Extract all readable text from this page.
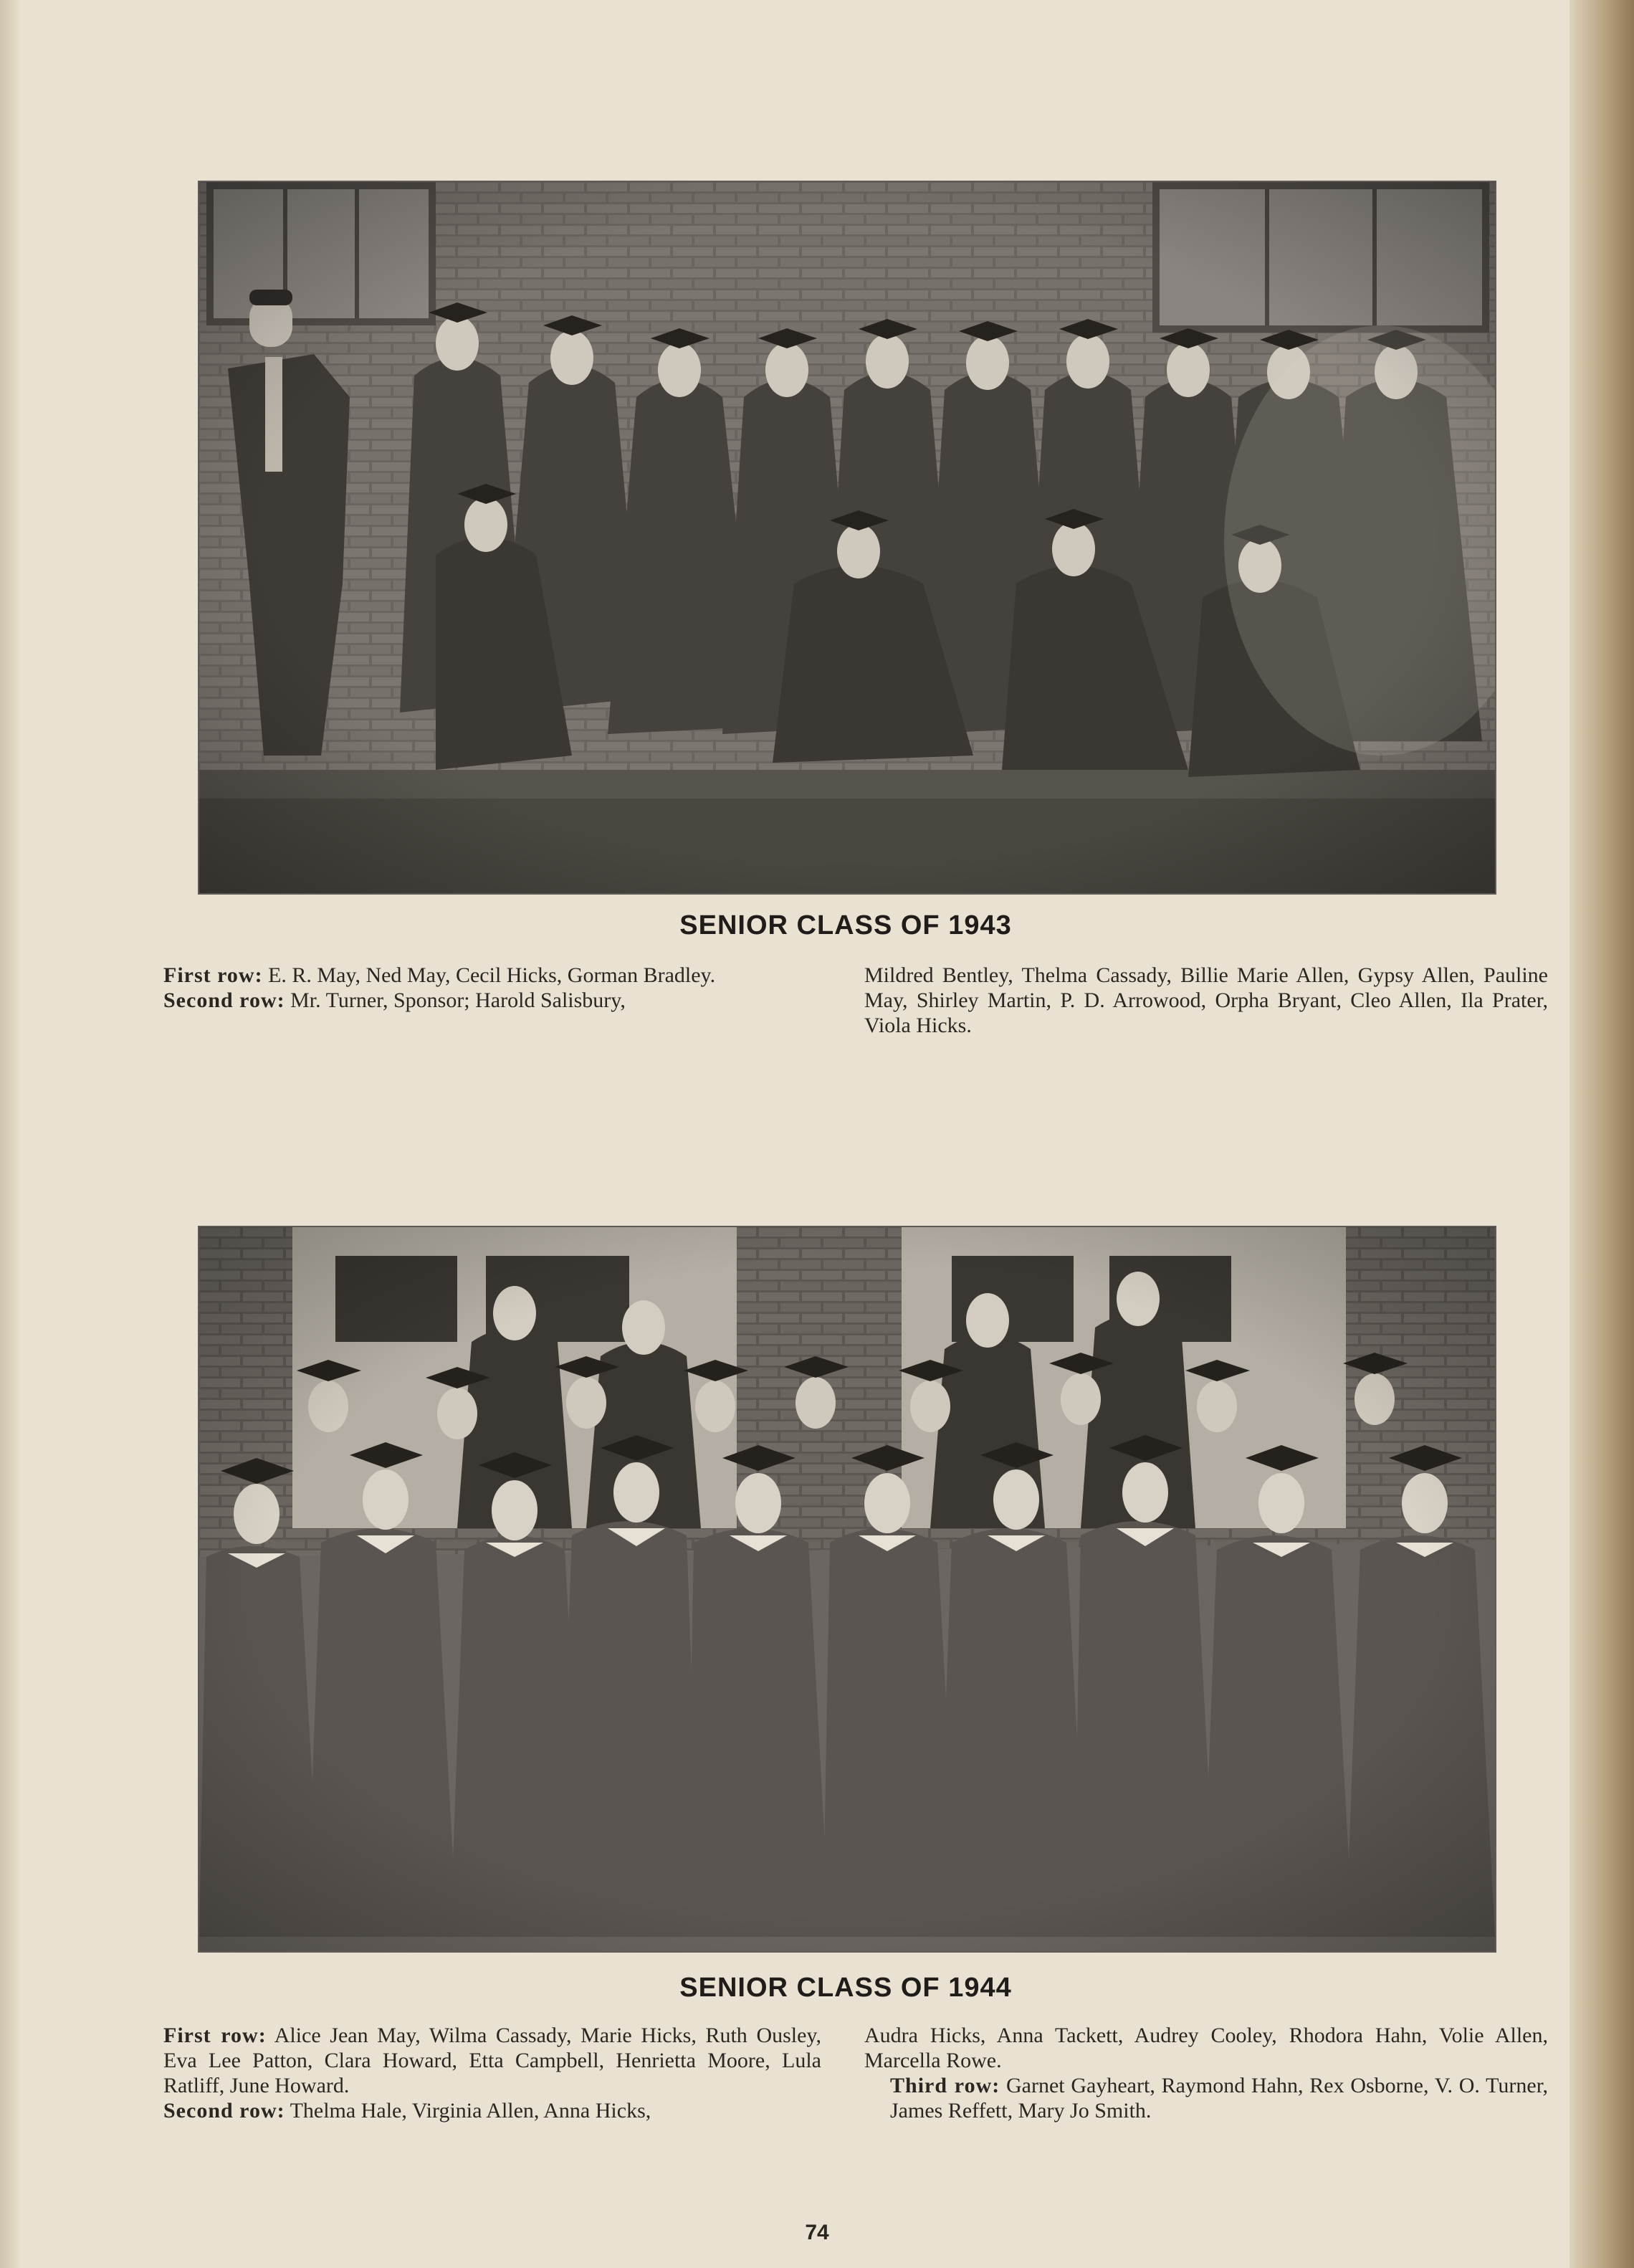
SENIOR CLASS OF 1943

First row: E. R. May, Ned May, Cecil Hicks, Gorman Bradley.

Second row: Mr. Turner, Sponsor; Harold Salisbury,

Mildred Bentley, Thelma Cassady, Billie Marie Allen, Gypsy Allen, Pauline May, Shirley Martin, P. D. Arrowood, Orpha Bryant, Cleo Allen, Ila Prater, Viola Hicks.

SENIOR CLASS OF 1944

First row: Alice Jean May, Wilma Cassady, Marie Hicks, Ruth Ousley, Eva Lee Patton, Clara Howard, Etta Campbell, Henrietta Moore, Lula Ratliff, June Howard.

Second row: Thelma Hale, Virginia Allen, Anna Hicks,

Audra Hicks, Anna Tackett, Audrey Cooley, Rhodora Hahn, Volie Allen, Marcella Rowe.

Third row: Garnet Gayheart, Raymond Hahn, Rex Osborne, V. O. Turner, James Reffett, Mary Jo Smith.

74
